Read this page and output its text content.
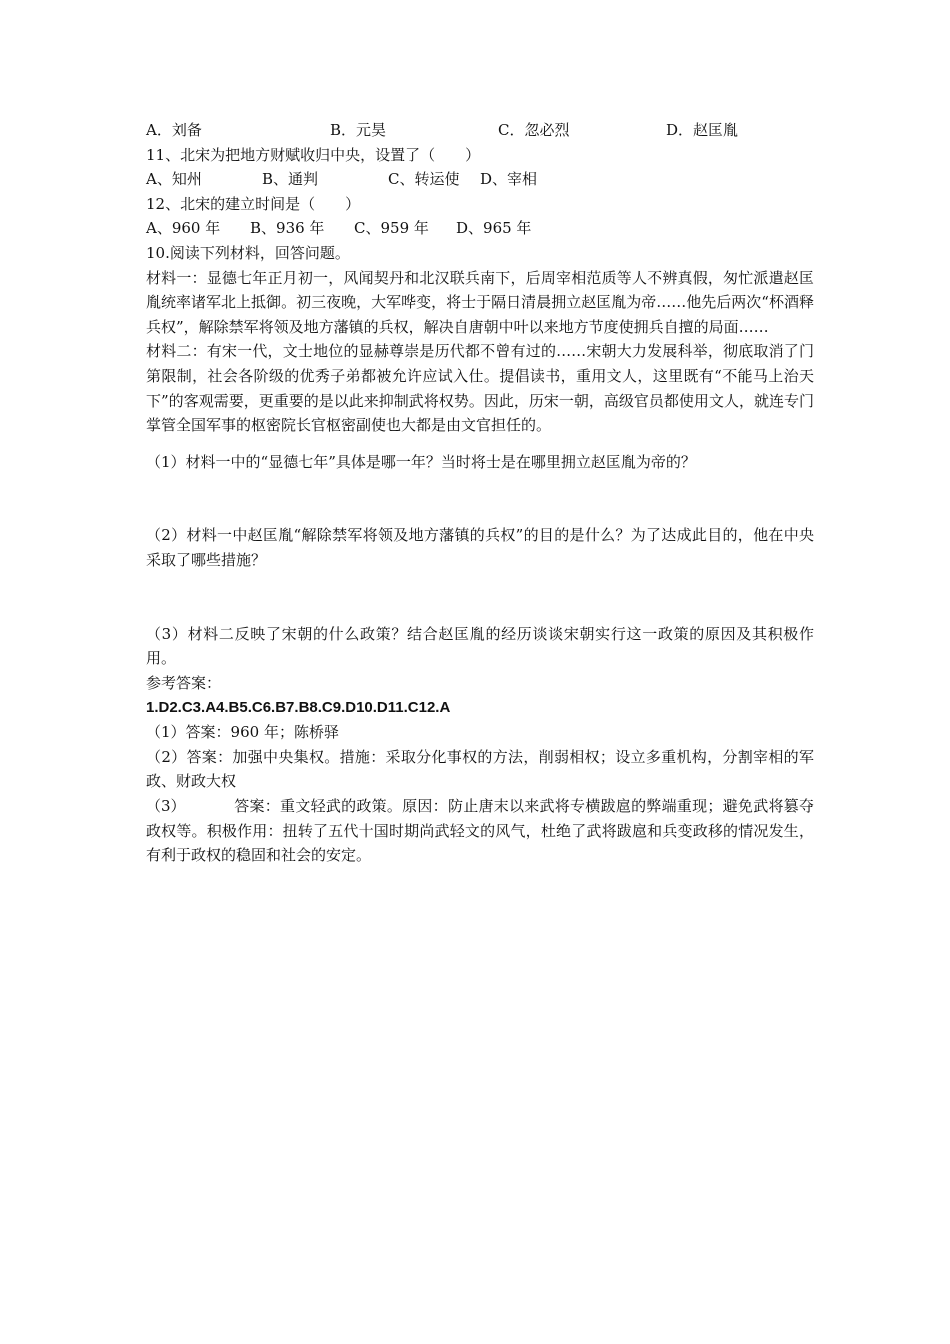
A．刘备	B．元昊	C．忽必烈	D．赵匡胤
11、北宋为把地方财赋收归中央，设置了（　　）
A、知州	B、通判	C、转运使	D、宰相
12、北宋的建立时间是（　　）
A、960 年	B、936 年	C、959 年	D、965 年
10.阅读下列材料，回答问题。
材料一：显德七年正月初一，风闻契丹和北汉联兵南下，后周宰相范质等人不辨真假，匆忙派遣赵匡胤统率诸军北上抵御。初三夜晚，大军哗变，将士于隔日清晨拥立赵匡胤为帝……他先后两次“杯酒释兵权”，解除禁军将领及地方藩镇的兵权，解决自唐朝中叶以来地方节度使拥兵自擅的局面……
材料二：有宋一代，文士地位的显赫尊崇是历代都不曾有过的……宋朝大力发展科举，彻底取消了门第限制，社会各阶级的优秀子弟都被允许应试入仕。提倡读书，重用文人，这里既有“不能马上治天下”的客观需要，更重要的是以此来抑制武将权势。因此，历宋一朝，高级官员都使用文人，就连专门掌管全国军事的枢密院长官枢密副使也大都是由文官担任的。
（1）材料一中的“显德七年”具体是哪一年？当时将士是在哪里拥立赵匡胤为帝的？
（2）材料一中赵匡胤“解除禁军将领及地方藩镇的兵权”的目的是什么？为了达成此目的，他在中央采取了哪些措施？
（3）材料二反映了宋朝的什么政策？结合赵匡胤的经历谈谈宋朝实行这一政策的原因及其积极作用。
参考答案：
1.D2.C3.A4.B5.C6.B7.B8.C9.D10.D11.C12.A
（1）答案：960 年；陈桥驿
（2）答案：加强中央集权。措施：采取分化事权的方法，削弱相权；设立多重机构，分割宰相的军政、财政大权
（3）	答案：重文轻武的政策。原因：防止唐末以来武将专横跋扈的弊端重现；避免武将篡夺政权等。积极作用：扭转了五代十国时期尚武轻文的风气，杜绝了武将跋扈和兵变政移的情况发生，有利于政权的稳固和社会的安定。
